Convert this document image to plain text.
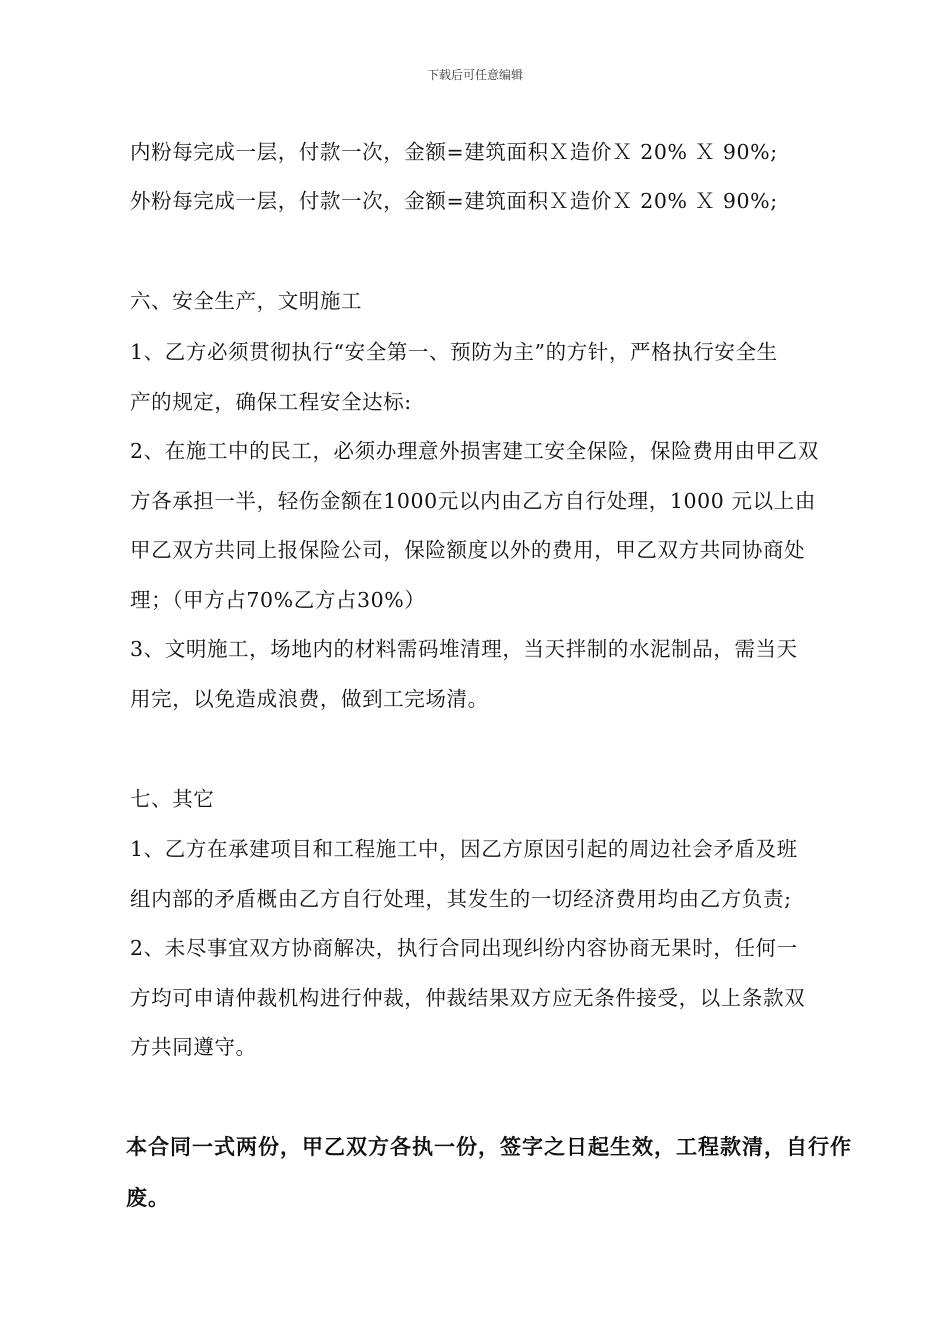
下载后可任意编辑
内粉每完成一层，付款一次，金额=建筑面积Ｘ造价Ｘ 20% Ｘ 90%;
外粉每完成一层，付款一次，金额=建筑面积Ｘ造价Ｘ 20% Ｘ 90%;
六、安全生产，文明施工
1、乙方必须贯彻执行“安全第一、预防为主”的方针，严格执行安全生
产的规定，确保工程安全达标:
2、在施工中的民工，必须办理意外损害建工安全保险，保险费用由甲乙双
方各承担一半，轻伤金额在1000元以内由乙方自行处理，1000 元以上由
甲乙双方共同上报保险公司，保险额度以外的费用，甲乙双方共同协商处
理；（甲方占70%乙方占30%）
3、文明施工，场地内的材料需码堆清理，当天拌制的水泥制品，需当天
用完，以免造成浪费，做到工完场清。
七、其它
1、乙方在承建项目和工程施工中，因乙方原因引起的周边社会矛盾及班
组内部的矛盾概由乙方自行处理，其发生的一切经济费用均由乙方负责;
2、未尽事宜双方协商解决，执行合同出现纠纷内容协商无果时，任何一
方均可申请仲裁机构进行仲裁，仲裁结果双方应无条件接受，以上条款双
方共同遵守。
本合同一式两份，甲乙双方各执一份，签字之日起生效，工程款清，自行作
废。
